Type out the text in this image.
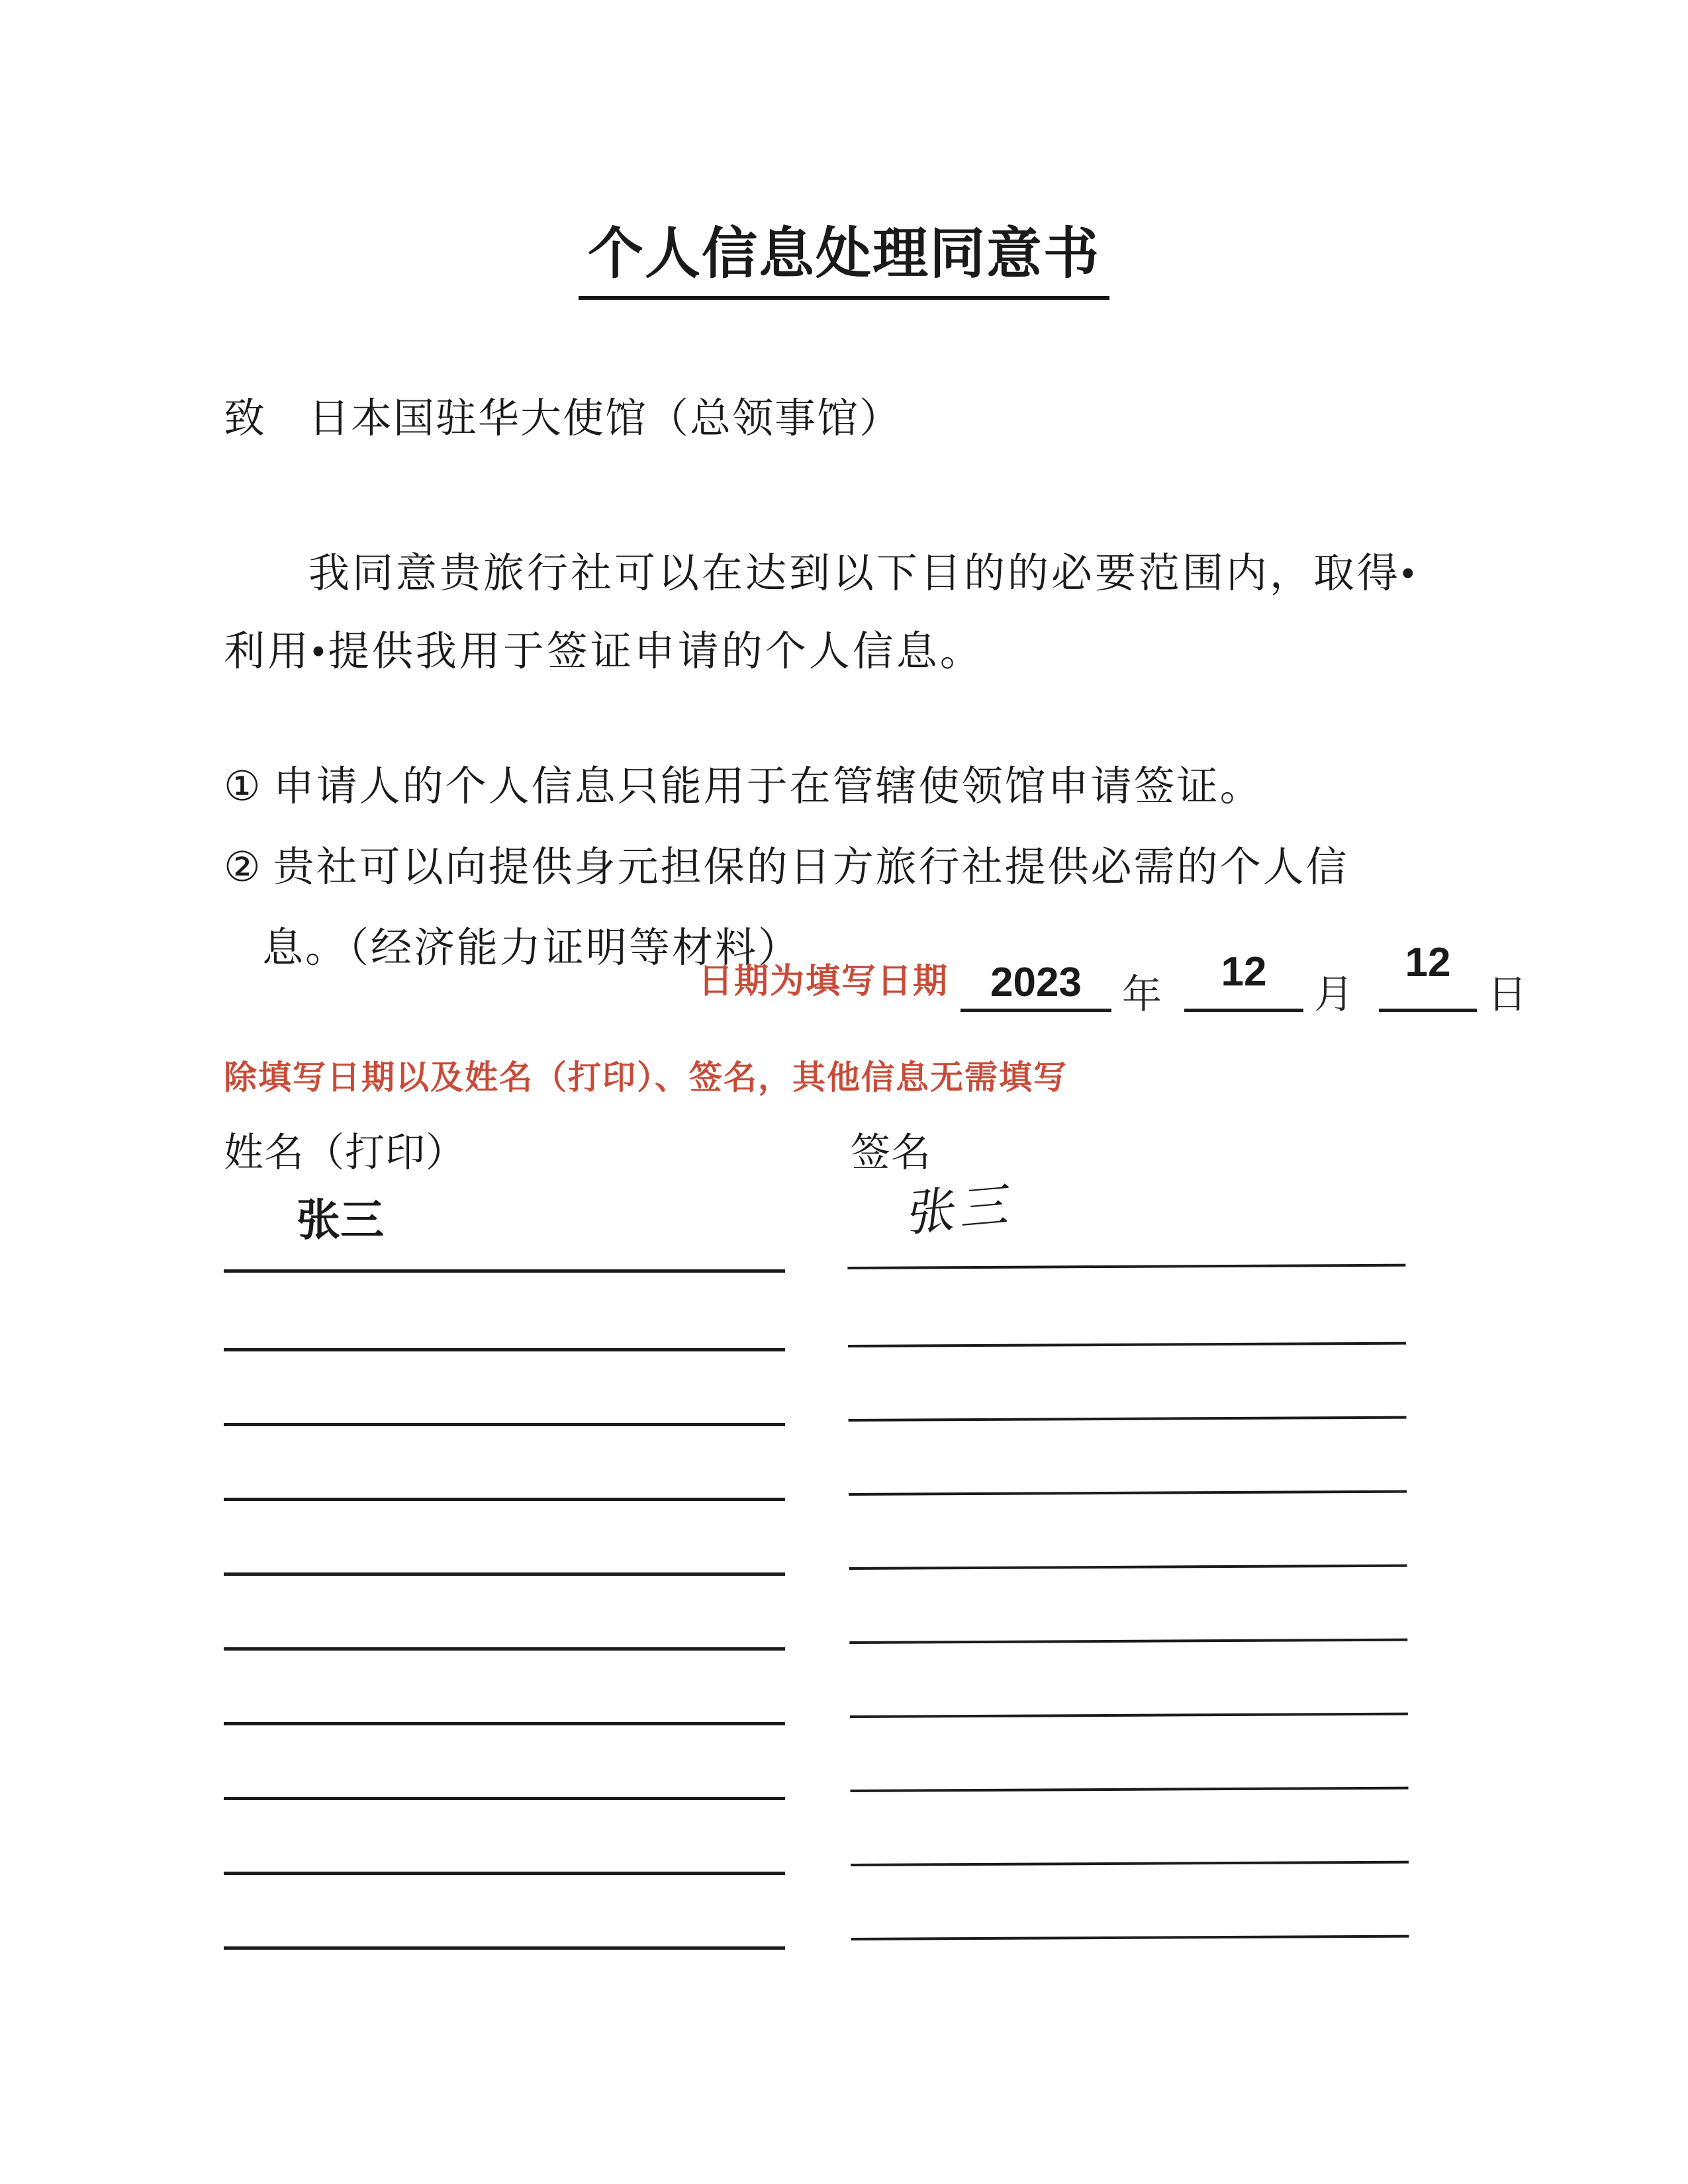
个人信息处理同意书
致　日本国驻华大使馆（总领事馆）
我同意贵旅行社可以在达到以下目的的必要范围内，取得•
利用•提供我用于签证申请的个人信息。
① 申请人的个人信息只能用于在管辖使领馆申请签证。
② 贵社可以向提供身元担保的日方旅行社提供必需的个人信
息。（经济能力证明等材料）
日期为填写日期	2023	年	12	月
12
日
除填写日期以及姓名（打印）、签名，其他信息无需填写
姓名（打印）	签名
张三	张三
